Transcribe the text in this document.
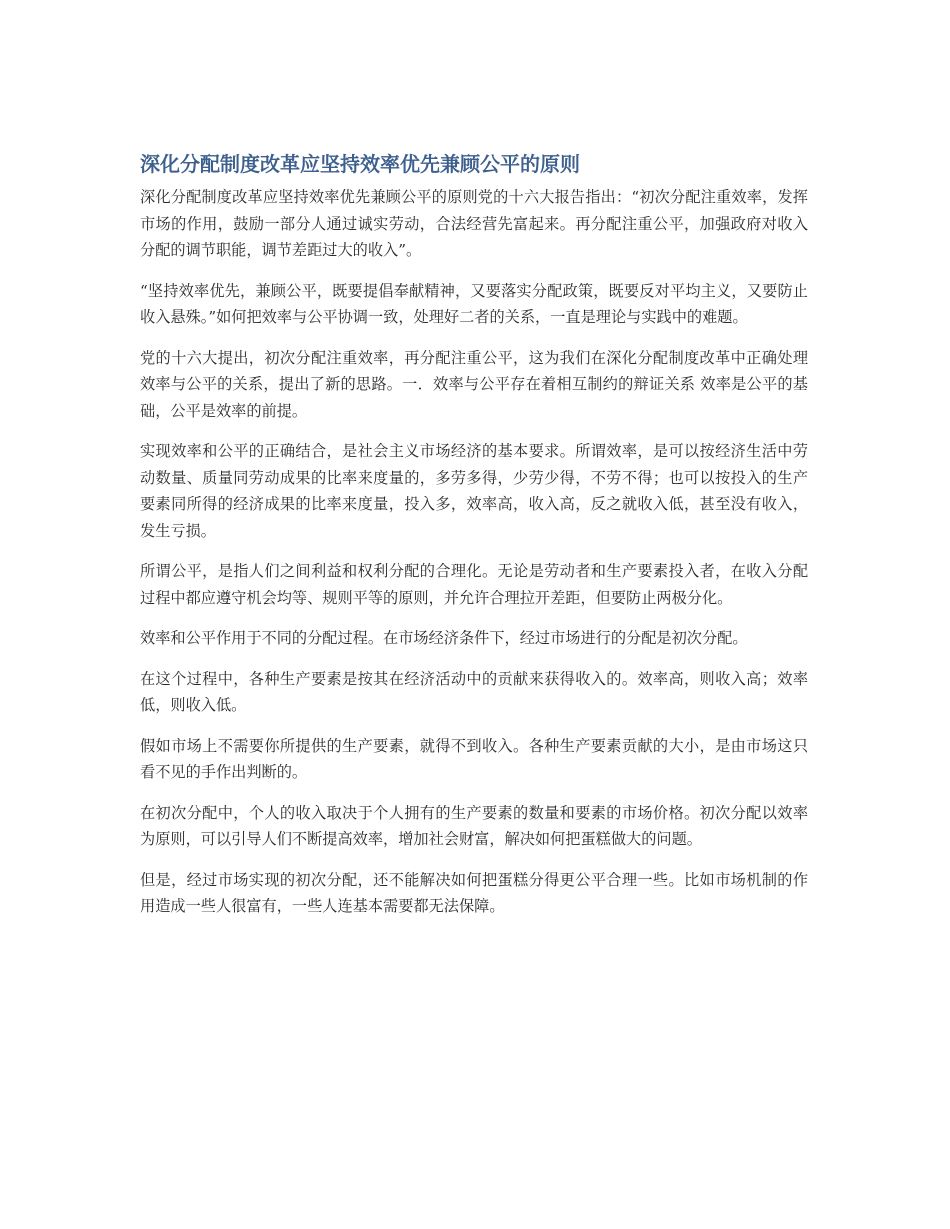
深化分配制度改革应坚持效率优先兼顾公平的原则

深化分配制度改革应坚持效率优先兼顾公平的原则党的十六大报告指出：“初次分配注重效率，发挥市场的作用，鼓励一部分人通过诚实劳动，合法经营先富起来。再分配注重公平，加强政府对收入分配的调节职能，调节差距过大的收入”。

“坚持效率优先，兼顾公平，既要提倡奉献精神，又要落实分配政策，既要反对平均主义，又要防止收入悬殊。”如何把效率与公平协调一致，处理好二者的关系，一直是理论与实践中的难题。

党的十六大提出，初次分配注重效率，再分配注重公平，这为我们在深化分配制度改革中正确处理效率与公平的关系，提出了新的思路。一．效率与公平存在着相互制约的辩证关系 效率是公平的基础，公平是效率的前提。

实现效率和公平的正确结合，是社会主义市场经济的基本要求。所谓效率，是可以按经济生活中劳动数量、质量同劳动成果的比率来度量的，多劳多得，少劳少得，不劳不得；也可以按投入的生产要素同所得的经济成果的比率来度量，投入多，效率高，收入高，反之就收入低，甚至没有收入，发生亏损。

所谓公平，是指人们之间利益和权利分配的合理化。无论是劳动者和生产要素投入者，在收入分配过程中都应遵守机会均等、规则平等的原则，并允许合理拉开差距，但要防止两极分化。

效率和公平作用于不同的分配过程。在市场经济条件下，经过市场进行的分配是初次分配。

在这个过程中，各种生产要素是按其在经济活动中的贡献来获得收入的。效率高，则收入高；效率低，则收入低。

假如市场上不需要你所提供的生产要素，就得不到收入。各种生产要素贡献的大小，是由市场这只看不见的手作出判断的。

在初次分配中，个人的收入取决于个人拥有的生产要素的数量和要素的市场价格。初次分配以效率为原则，可以引导人们不断提高效率，增加社会财富，解决如何把蛋糕做大的问题。

但是，经过市场实现的初次分配，还不能解决如何把蛋糕分得更公平合理一些。比如市场机制的作用造成一些人很富有，一些人连基本需要都无法保障。
